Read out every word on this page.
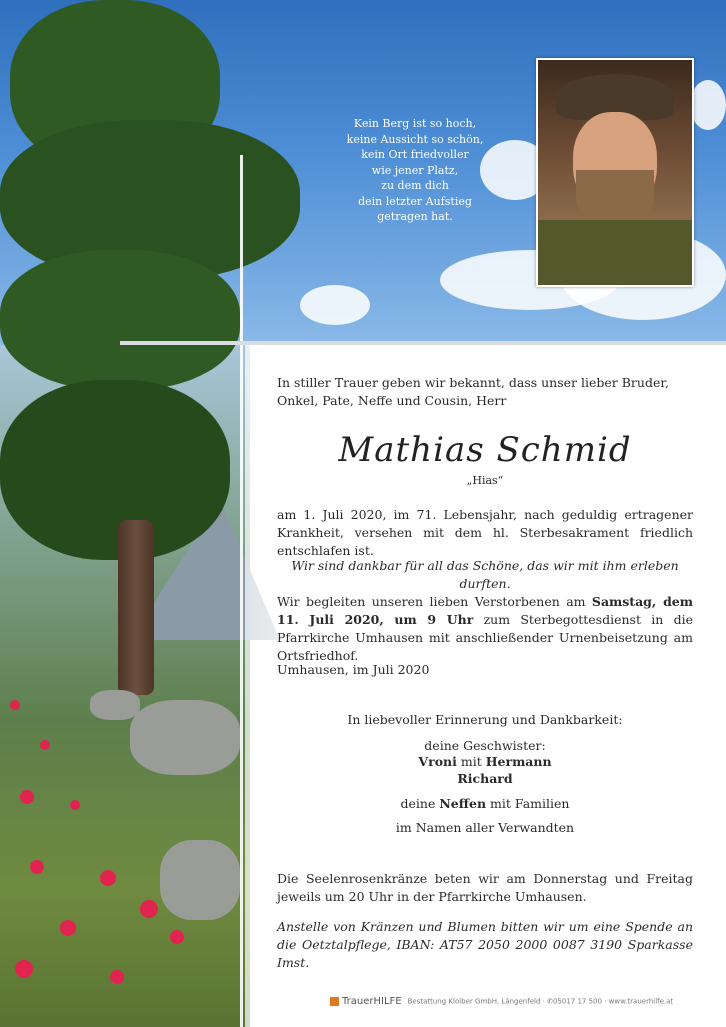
Kein Berg ist so hoch,
keine Aussicht so schön,
kein Ort friedvoller
wie jener Platz,
zu dem dich
dein letzter Aufstieg
getragen hat.
In stiller Trauer geben wir bekannt, dass unser lieber Bruder, Onkel, Pate, Neffe und Cousin, Herr
Mathias Schmid
„Hias“
am 1. Juli 2020, im 71. Lebensjahr, nach geduldig ertragener Krankheit, versehen mit dem hl. Sterbesakrament friedlich entschlafen ist.
Wir sind dankbar für all das Schöne, das wir mit ihm erleben durften.
Wir begleiten unseren lieben Verstorbenen am Samstag, dem 11. Juli 2020, um 9 Uhr zum Sterbegottesdienst in die Pfarrkirche Umhausen mit anschließender Urnenbeisetzung am Ortsfriedhof.
Umhausen, im Juli 2020
In liebevoller Erinnerung und Dankbarkeit:
deine Geschwister:
Vroni mit Hermann
Richard
deine Neffen mit Familien
im Namen aller Verwandten
Die Seelenrosenkränze beten wir am Donnerstag und Freitag jeweils um 20 Uhr in der Pfarrkirche Umhausen.
Anstelle von Kränzen und Blumen bitten wir um eine Spende an die Oetztalpflege, IBAN: AT57 2050 2000 0087 3190 Sparkasse Imst.
TrauerHILFE Bestattung Kloiber GmbH, Längenfeld · ✆05017 17 500 · www.trauerhilfe.at
